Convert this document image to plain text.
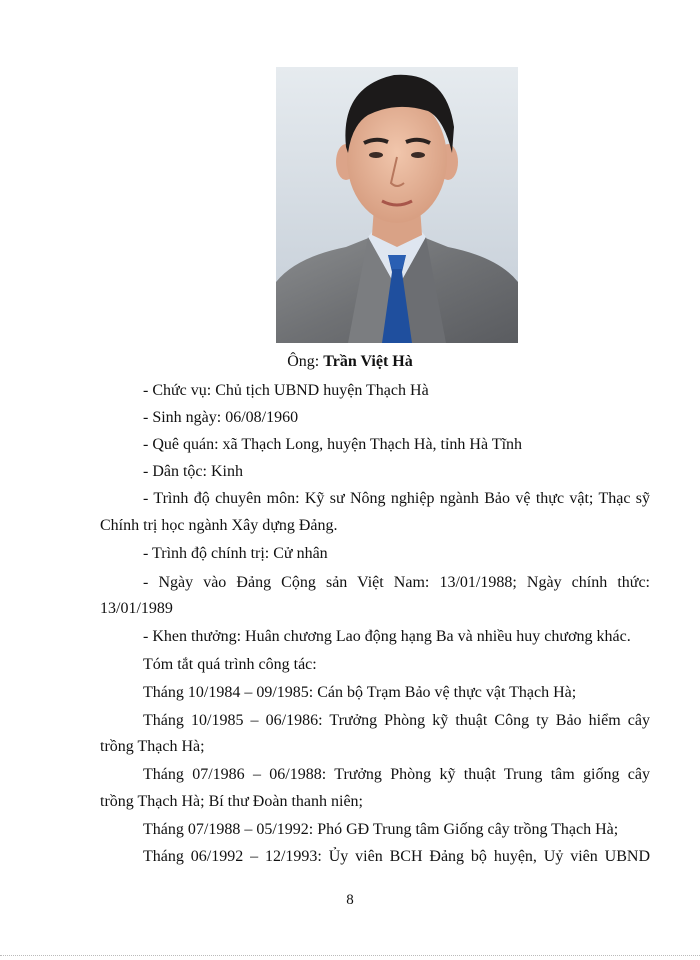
Ông: Trần Việt Hà
- Chức vụ: Chủ tịch UBND huyện Thạch Hà
- Sinh ngày: 06/08/1960
- Quê quán: xã Thạch Long, huyện Thạch Hà, tỉnh Hà Tĩnh
- Dân tộc: Kinh
- Trình độ chuyên môn: Kỹ sư Nông nghiệp ngành Bảo vệ thực vật; Thạc sỹ
Chính trị học ngành Xây dựng Đảng.
- Trình độ chính trị: Cử nhân
- Ngày vào Đảng Cộng sản Việt Nam: 13/01/1988; Ngày chính thức:
13/01/1989
- Khen thưởng: Huân chương Lao động hạng Ba và nhiều huy chương khác.
Tóm tắt quá trình công tác:
Tháng 10/1984 – 09/1985: Cán bộ Trạm Bảo vệ thực vật Thạch Hà;
Tháng 10/1985 – 06/1986: Trưởng Phòng kỹ thuật Công ty Bảo hiểm cây
trồng Thạch Hà;
Tháng 07/1986 – 06/1988: Trưởng Phòng kỹ thuật Trung tâm giống cây
trồng Thạch Hà; Bí thư Đoàn thanh niên;
Tháng 07/1988 – 05/1992: Phó GĐ Trung tâm Giống cây trồng Thạch Hà;
Tháng 06/1992 – 12/1993: Ủy viên BCH Đảng bộ huyện, Uỷ viên UBND
8
